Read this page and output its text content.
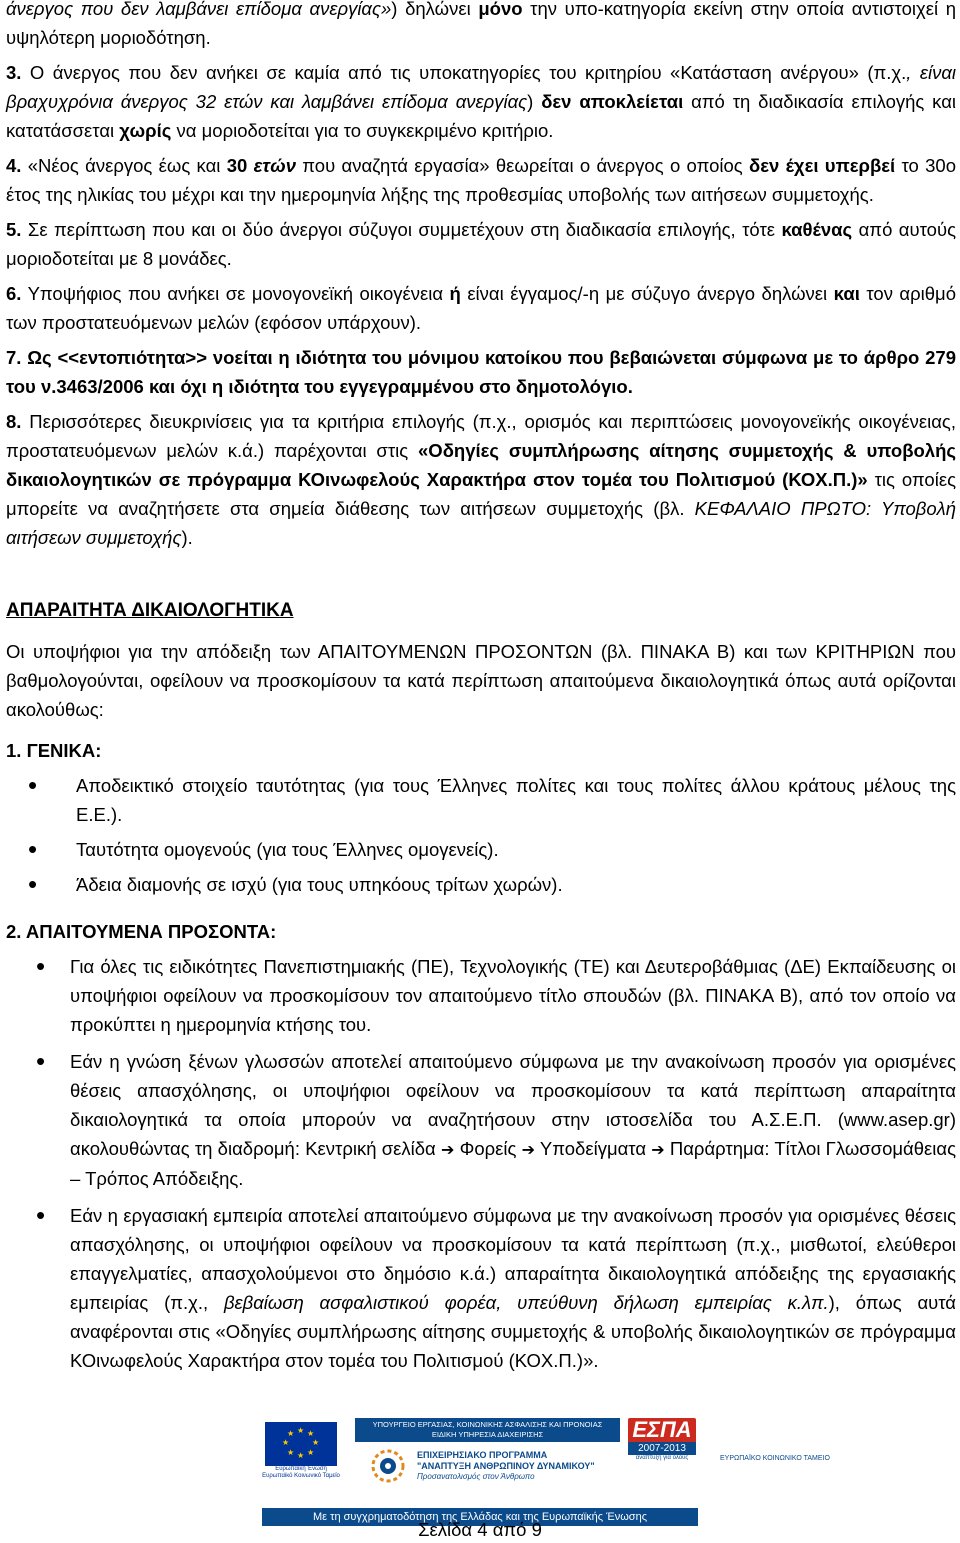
άνεργος που δεν λαμβάνει επίδομα ανεργίας») δηλώνει μόνο την υπο-κατηγορία εκείνη στην οποία αντιστοιχεί η υψηλότερη μοριοδότηση.

3. Ο άνεργος που δεν ανήκει σε καμία από τις υποκατηγορίες του κριτηρίου «Κατάσταση ανέργου» (π.χ., είναι βραχυχρόνια άνεργος 32 ετών και λαμβάνει επίδομα ανεργίας) δεν αποκλείεται από τη διαδικασία επιλογής και κατατάσσεται χωρίς να μοριοδοτείται για το συγκεκριμένο κριτήριο.

4. «Νέος άνεργος έως και 30 ετών που αναζητά εργασία» θεωρείται ο άνεργος ο οποίος δεν έχει υπερβεί το 30ο έτος της ηλικίας του μέχρι και την ημερομηνία λήξης της προθεσμίας υποβολής των αιτήσεων συμμετοχής.

5. Σε περίπτωση που και οι δύο άνεργοι σύζυγοι συμμετέχουν στη διαδικασία επιλογής, τότε καθένας από αυτούς μοριοδοτείται με 8 μονάδες.

6. Υποψήφιος που ανήκει σε μονογονεϊκή οικογένεια ή είναι έγγαμος/-η με σύζυγο άνεργο δηλώνει και τον αριθμό των προστατευόμενων μελών (εφόσον υπάρχουν).

7. Ως <<εντοπιότητα>> νοείται η ιδιότητα του μόνιμου κατοίκου που βεβαιώνεται σύμφωνα με το άρθρο 279 του ν.3463/2006 και όχι η ιδιότητα του εγγεγραμμένου στο δημοτολόγιο.

8. Περισσότερες διευκρινίσεις για τα κριτήρια επιλογής (π.χ., ορισμός και περιπτώσεις μονογονεϊκής οικογένειας, προστατευόμενων μελών κ.ά.) παρέχονται στις «Οδηγίες συμπλήρωσης αίτησης συμμετοχής & υποβολής δικαιολογητικών σε πρόγραμμα ΚΟινωφελούς Χαρακτήρα στον τομέα του Πολιτισμού (ΚΟΧ.Π.)» τις οποίες μπορείτε να αναζητήσετε στα σημεία διάθεσης των αιτήσεων συμμετοχής (βλ. ΚΕΦΑΛΑΙΟ ΠΡΩΤΟ: Υποβολή αιτήσεων συμμετοχής).

ΑΠΑΡΑΙΤΗΤΑ ΔΙΚΑΙΟΛΟΓΗΤΙΚΑ

Οι υποψήφιοι για την απόδειξη των ΑΠΑΙΤΟΥΜΕΝΩΝ ΠΡΟΣΟΝΤΩΝ (βλ. ΠΙΝΑΚΑ Β) και των ΚΡΙΤΗΡΙΩΝ που βαθμολογούνται, οφείλουν να προσκομίσουν τα κατά περίπτωση απαιτούμενα δικαιολογητικά όπως αυτά ορίζονται ακολούθως:

1. ΓΕΝΙΚΑ:

• Αποδεικτικό στοιχείο ταυτότητας (για τους Έλληνες πολίτες και τους πολίτες άλλου κράτους μέλους της Ε.Ε.).
• Ταυτότητα ομογενούς (για τους Έλληνες ομογενείς).
• Άδεια διαμονής σε ισχύ (για τους υπηκόους τρίτων χωρών).

2. ΑΠΑΙΤΟΥΜΕΝΑ ΠΡΟΣΟΝΤΑ:

• Για όλες τις ειδικότητες Πανεπιστημιακής (ΠΕ), Τεχνολογικής (ΤΕ) και Δευτεροβάθμιας (ΔΕ) Εκπαίδευσης οι υποψήφιοι οφείλουν να προσκομίσουν τον απαιτούμενο τίτλο σπουδών (βλ. ΠΙΝΑΚΑ Β), από τον οποίο να προκύπτει η ημερομηνία κτήσης του.
• Εάν η γνώση ξένων γλωσσών αποτελεί απαιτούμενο σύμφωνα με την ανακοίνωση προσόν για ορισμένες θέσεις απασχόλησης, οι υποψήφιοι οφείλουν να προσκομίσουν τα κατά περίπτωση απαραίτητα δικαιολογητικά τα οποία μπορούν να αναζητήσουν στην ιστοσελίδα του Α.Σ.Ε.Π. (www.asep.gr) ακολουθώντας τη διαδρομή: Κεντρική σελίδα ➔ Φορείς ➔ Υποδείγματα ➔ Παράρτημα: Τίτλοι Γλωσσομάθειας – Τρόπος Απόδειξης.
• Εάν η εργασιακή εμπειρία αποτελεί απαιτούμενο σύμφωνα με την ανακοίνωση προσόν για ορισμένες θέσεις απασχόλησης, οι υποψήφιοι οφείλουν να προσκομίσουν τα κατά περίπτωση (π.χ., μισθωτοί, ελεύθεροι επαγγελματίες, απασχολούμενοι στο δημόσιο κ.ά.) απαραίτητα δικαιολογητικά απόδειξης της εργασιακής εμπειρίας (π.χ., βεβαίωση ασφαλιστικού φορέα, υπεύθυνη δήλωση εμπειρίας κ.λπ.), όπως αυτά αναφέρονται στις «Οδηγίες συμπλήρωσης αίτησης συμμετοχής & υποβολής δικαιολογητικών σε πρόγραμμα ΚΟινωφελούς Χαρακτήρα στον τομέα του Πολιτισμού (ΚΟΧ.Π.)».
★ ★
★
★
★
★
★
★
Ευρωπαϊκή Ένωση
Ευρωπαϊκό Κοινωνικό Ταμείο
ΥΠΟΥΡΓΕΙΟ ΕΡΓΑΣΙΑΣ, ΚΟΙΝΩΝΙΚΗΣ ΑΣΦΑΛΙΣΗΣ ΚΑΙ ΠΡΟΝΟΙΑΣ
ΕΙΔΙΚΗ ΥΠΗΡΕΣΙΑ ΔΙΑΧΕΙΡΙΣΗΣ
ΕΠΙΧΕΙΡΗΣΙΑΚΟ ΠΡΟΓΡΑΜΜΑ
"ΑΝΑΠΤΥΞΗ ΑΝΘΡΩΠΙΝΟΥ ΔΥΝΑΜΙΚΟΥ"
Προσανατολισμός στον Άνθρωπο
ΕΣΠΑ
2007-2013
ανάπτυξη για όλους	ΕΥΡΩΠΑΪΚΟ ΚΟΙΝΩΝΙΚΟ ΤΑΜΕΙΟ
Με τη συγχρηματοδότηση της Ελλάδας και της Ευρωπαϊκής Ένωσης
Σελίδα 4 από 9
